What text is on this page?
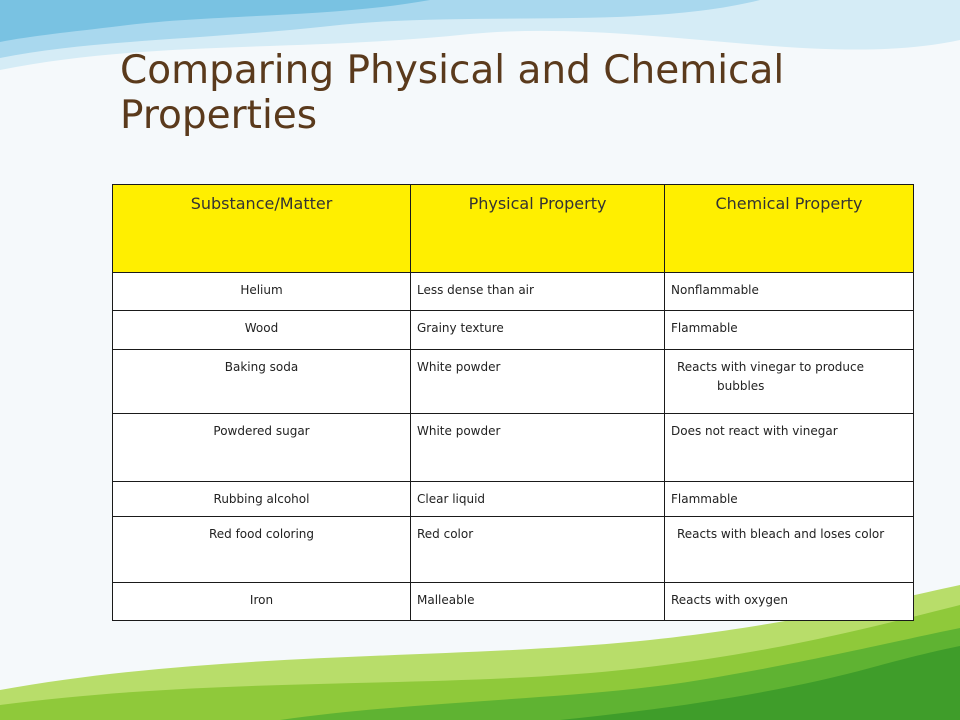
Comparing Physical and Chemical Properties
Substance/Matter	Physical Property	Chemical Property
Helium	Less dense than air	Nonflammable
Wood	Grainy texture	Flammable
Baking soda	White powder	Reacts with vinegar to produce bubbles

Powdered sugar	White powder	Does not react with vinegar
Rubbing alcohol	Clear liquid	Flammable
Red food coloring	Red color	Reacts with bleach and loses color

Iron	Malleable	Reacts with oxygen
